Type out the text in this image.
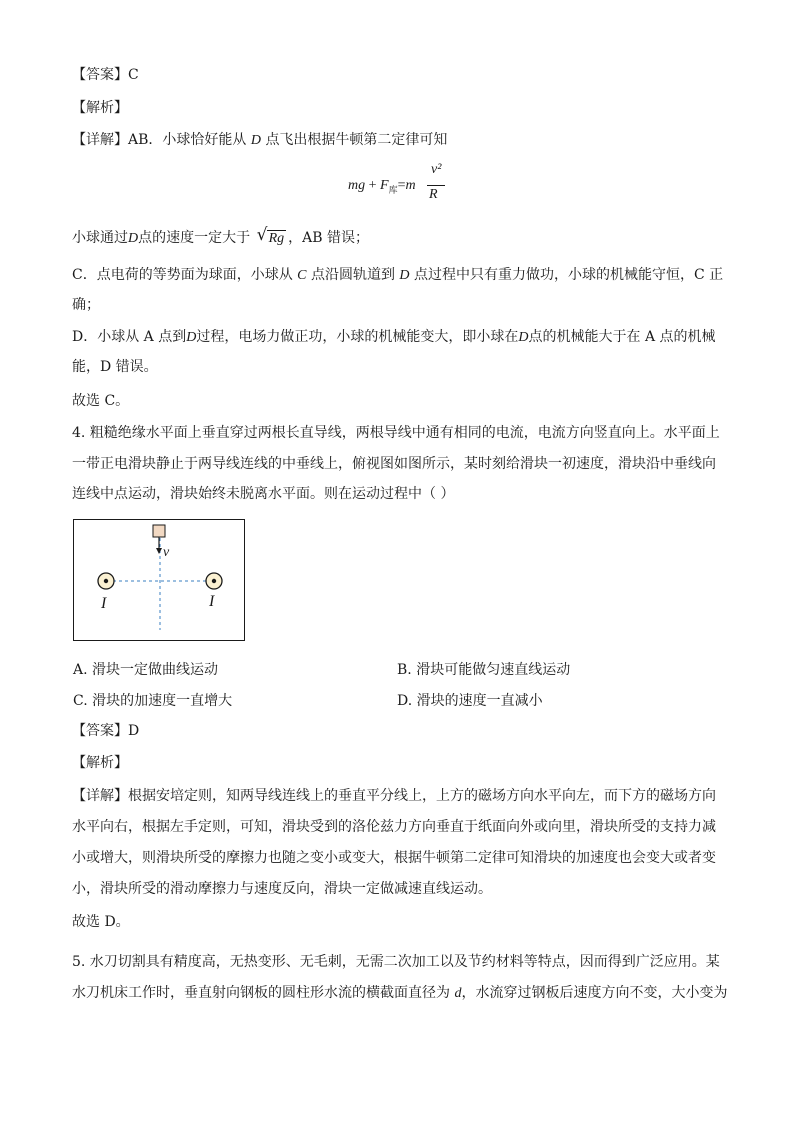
【答案】C
【解析】
【详解】AB．小球恰好能从 D 点飞出根据牛顿第二定律可知
mg + $F_库=m$
v²
R
小球通过D点的速度一定大于 √ Rg ，AB 错误；
C．点电荷的等势面为球面，小球从 C 点沿圆轨道到 D 点过程中只有重力做功，小球的机械能守恒，C 正
确；
D．小球从 A 点到D过程，电场力做正功，小球的机械能变大，即小球在D点的机械能大于在 A 点的机械
能，D 错误。
故选 C。
4. 粗糙绝缘水平面上垂直穿过两根长直导线，两根导线中通有相同的电流，电流方向竖直向上。水平面上
一带正电滑块静止于两导线连线的中垂线上，俯视图如图所示，某时刻给滑块一初速度，滑块沿中垂线向
连线中点运动，滑块始终未脱离水平面。则在运动过程中（ ）
v
I	I
A. 滑块一定做曲线运动	B. 滑块可能做匀速直线运动
C. 滑块的加速度一直增大	D. 滑块的速度一直减小
【答案】D
【解析】
【详解】根据安培定则，知两导线连线上的垂直平分线上，上方的磁场方向水平向左，而下方的磁场方向
水平向右，根据左手定则，可知，滑块受到的洛伦兹力方向垂直于纸面向外或向里，滑块所受的支持力减
小或增大，则滑块所受的摩擦力也随之变小或变大，根据牛顿第二定律可知滑块的加速度也会变大或者变
小，滑块所受的滑动摩擦力与速度反向，滑块一定做减速直线运动。
故选 D。
5. 水刀切割具有精度高，无热变形、无毛刺，无需二次加工以及节约材料等特点，因而得到广泛应用。某
水刀机床工作时，垂直射向钢板的圆柱形水流的横截面直径为 d，水流穿过钢板后速度方向不变，大小变为
